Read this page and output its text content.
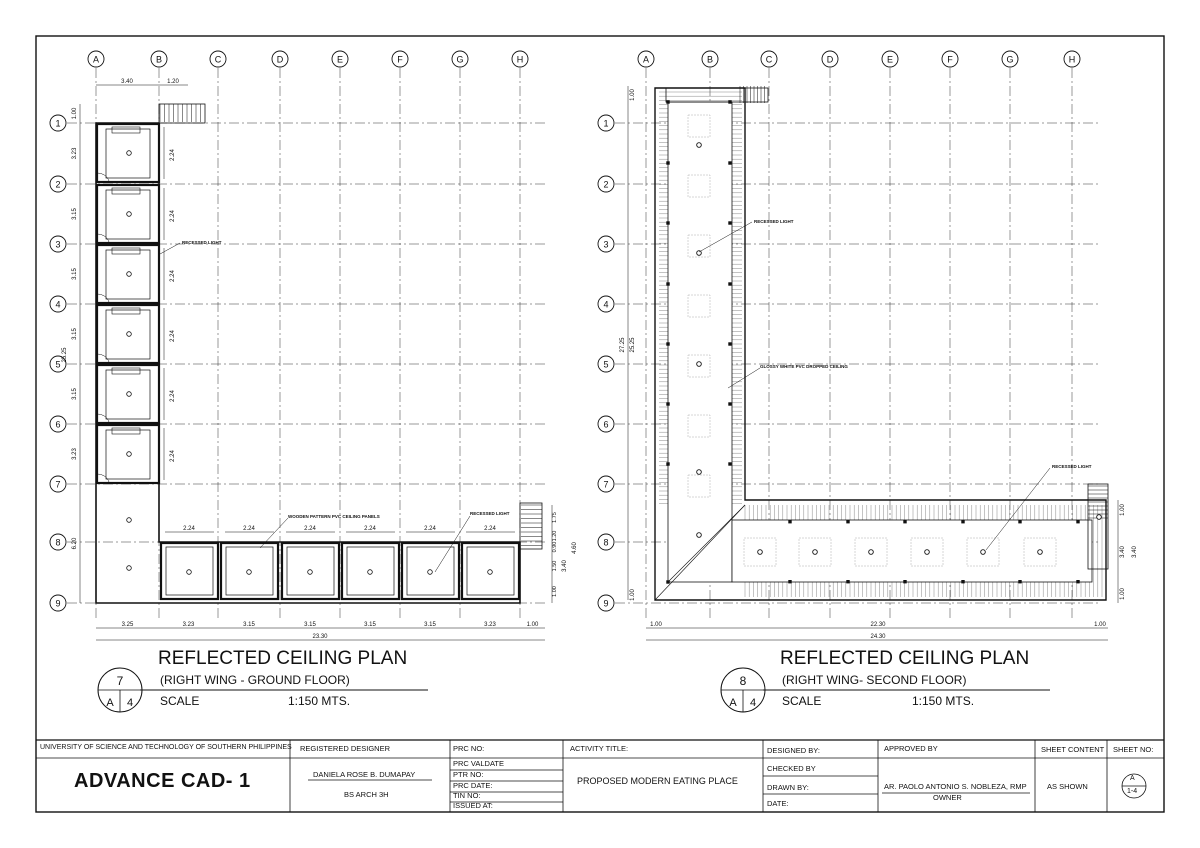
A	B	C	D	E	F	G	H
1
2
3
4
5
6
7
8
9
2.24
2.24
2.24
2.24
2.24
2.24
2.24	2.24	2.24	2.24	2.24	2.24
3.40	1.20
1.00
3.23
3.15
3.15
3.15
3.15
3.23
6.20
25.25
3.25	3.23	3.15	3.15	3.15	3.15	3.23	1.00
23.30
1.75
1.20
0.90
1.50
1.00
3.40
4.60
A	B	C	D	E	F	G	H
1
2
3
4
5
6
7
8
9
1.00
27.25 25.25
1.00
1.00	22.30	1.00
24.30
1.00
3.40
1.00
3.40
RECESSED LIGHT
WOODEN PATTERN PVC CEILING PANELS
RECESSED LIGHT
RECESSED LIGHT
GLOSSY WHITE PVC DROPPED CEILING
RECESSED LIGHT
7
A 4
REFLECTED CEILING PLAN
(RIGHT WING - GROUND FLOOR)
SCALE	1:150 MTS.
8
A 4
REFLECTED CEILING PLAN
(RIGHT WING- SECOND FLOOR)
SCALE	1:150 MTS.
UNIVERSITY OF SCIENCE AND TECHNOLOGY OF SOUTHERN PHILIPPINES
ADVANCE CAD- 1
REGISTERED DESIGNER
DANIELA ROSE B. DUMAPAY
BS ARCH 3H
PRC NO:
PRC VALDATE
PTR NO:
PRC DATE:
TIN NO:
ISSUED AT:
ACTIVITY TITLE:
PROPOSED MODERN EATING PLACE
DESIGNED BY:
CHECKED BY
DRAWN BY:
DATE:
APPROVED BY
AR. PAOLO ANTONIO S. NOBLEZA, RMP
OWNER
SHEET CONTENT
AS SHOWN
SHEET NO:
A
1-4
